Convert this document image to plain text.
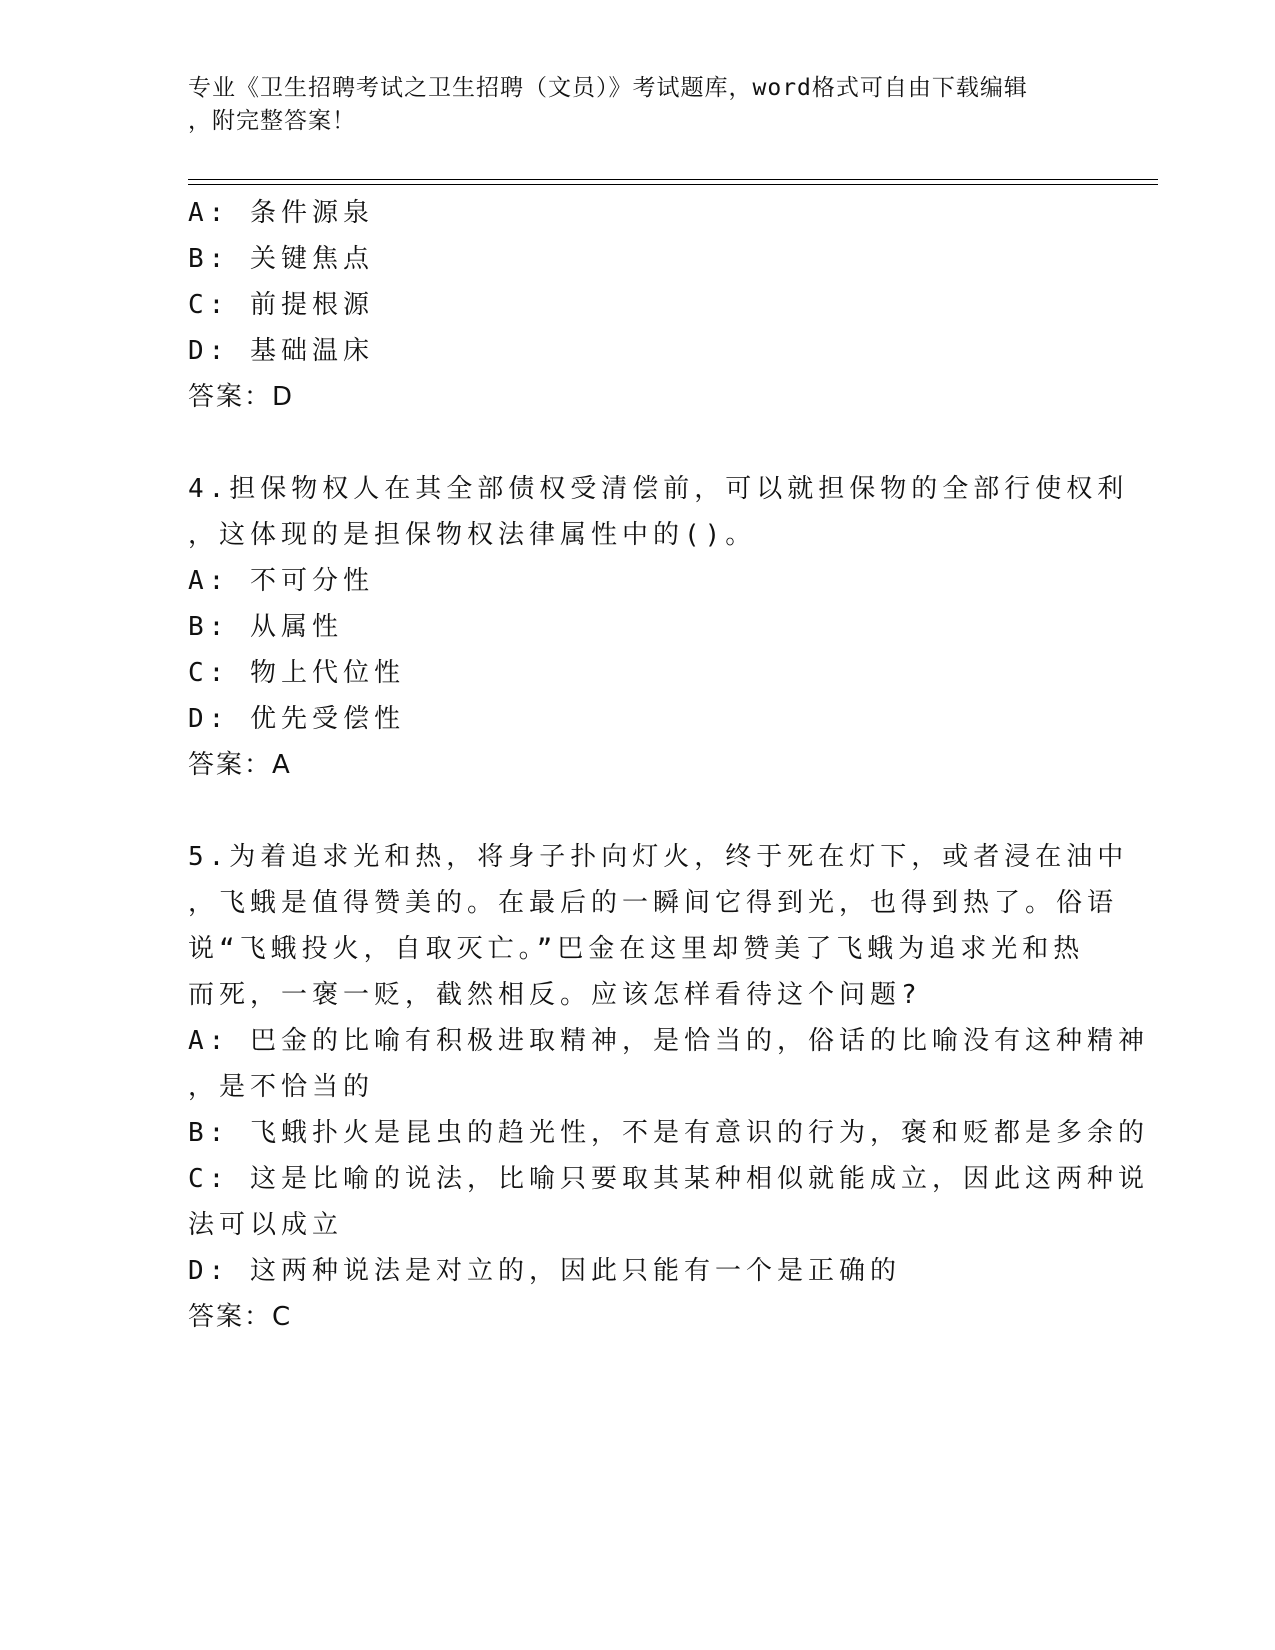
专业《卫生招聘考试之卫生招聘（文员）》考试题库，word格式可自由下载编辑
，附完整答案！
A: 条件源泉
B: 关键焦点
C: 前提根源
D: 基础温床
答案：D
4.担保物权人在其全部债权受清偿前，可以就担保物的全部行使权利
，这体现的是担保物权法律属性中的()。
A: 不可分性
B: 从属性
C: 物上代位性
D: 优先受偿性
答案：A
5.为着追求光和热，将身子扑向灯火，终于死在灯下，或者浸在油中
，飞蛾是值得赞美的。在最后的一瞬间它得到光，也得到热了。俗语
说“飞蛾投火，自取灭亡。”巴金在这里却赞美了飞蛾为追求光和热
而死，一褒一贬，截然相反。应该怎样看待这个问题?
A: 巴金的比喻有积极进取精神，是恰当的，俗话的比喻没有这种精神
，是不恰当的
B: 飞蛾扑火是昆虫的趋光性，不是有意识的行为，褒和贬都是多余的
C: 这是比喻的说法，比喻只要取其某种相似就能成立，因此这两种说
法可以成立
D: 这两种说法是对立的，因此只能有一个是正确的
答案：C
